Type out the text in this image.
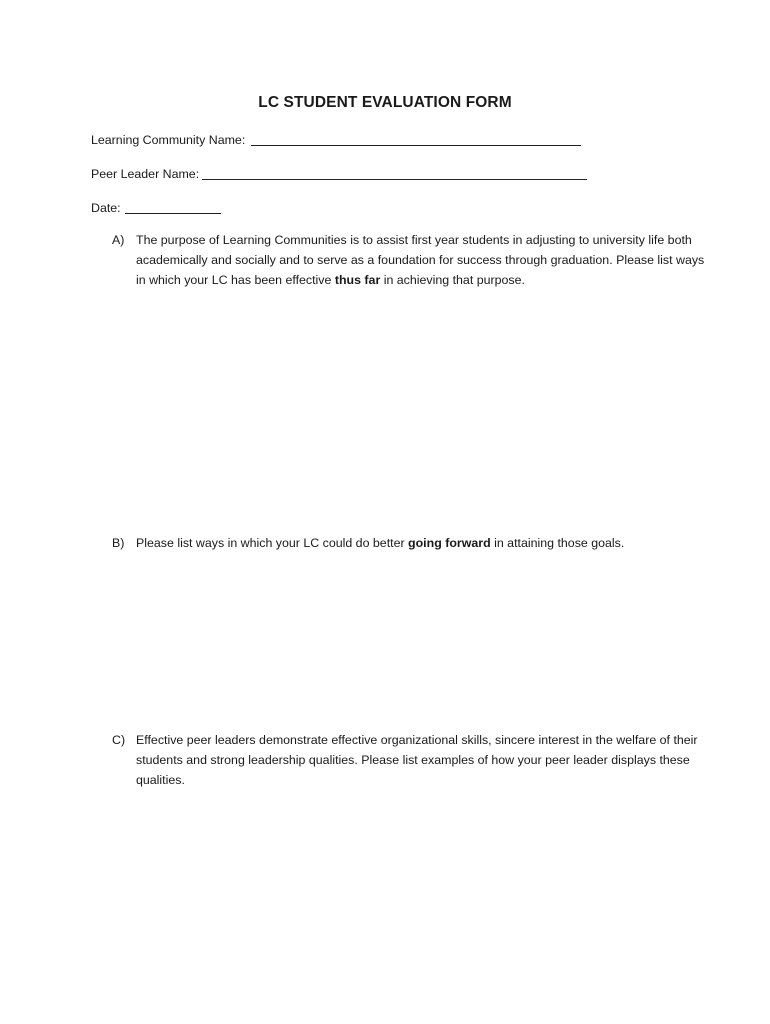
LC STUDENT EVALUATION FORM
Learning Community Name:
Peer Leader Name:
Date:
A) The purpose of Learning Communities is to assist first year students in adjusting to university life both academically and socially and to serve as a foundation for success through graduation. Please list ways in which your LC has been effective thus far in achieving that purpose.
B) Please list ways in which your LC could do better going forward in attaining those goals.
C) Effective peer leaders demonstrate effective organizational skills, sincere interest in the welfare of their students and strong leadership qualities. Please list examples of how your peer leader displays these qualities.
